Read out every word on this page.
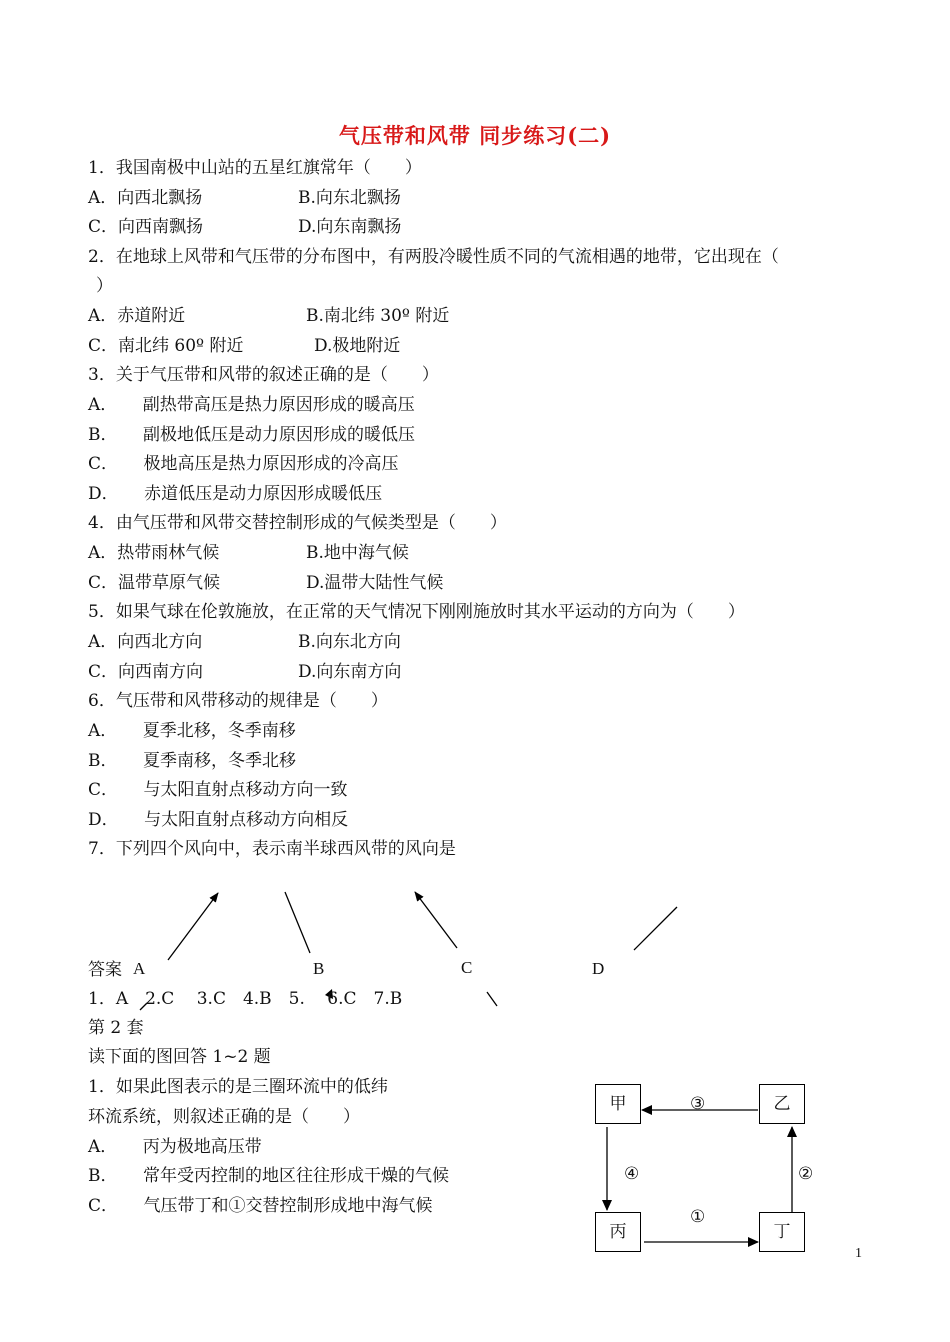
气压带和风带 同步练习(二)
1．我国南极中山站的五星红旗常年（　　）
A．向西北飘扬	B.向东北飘扬
C．向西南飘扬	D.向东南飘扬
2．在地球上风带和气压带的分布图中，有两股冷暖性质不同的气流相遇的地带，它出现在（
）
A．赤道附近	B.南北纬 30º 附近
C．南北纬 60º 附近	D.极地附近
3．关于气压带和风带的叙述正确的是（　　）
A．　　副热带高压是热力原因形成的暖高压
B．　　副极地低压是动力原因形成的暖低压
C．　　极地高压是热力原因形成的冷高压
D．　　赤道低压是动力原因形成暖低压
4．由气压带和风带交替控制形成的气候类型是（　　）
A．热带雨林气候	B.地中海气候
C．温带草原气候	D.温带大陆性气候
5．如果气球在伦敦施放，在正常的天气情况下刚刚施放时其水平运动的方向为（　　）
A．向西北方向	B.向东北方向
C．向西南方向	D.向东南方向
6．气压带和风带移动的规律是（　　）
A．　　夏季北移，冬季南移
B．　　夏季南移，冬季北移
C．　　与太阳直射点移动方向一致
D．　　与太阳直射点移动方向相反
7．下列四个风向中，表示南半球西风带的风向是
A	B	C	D
答案
1．A　2.C　 3.C　4.B　5.　 6.C　7.B
第 2 套
读下面的图回答 1~2 题
1．如果此图表示的是三圈环流中的低纬
环流系统，则叙述正确的是（　　）
A．　　丙为极地高压带
B．　　常年受丙控制的地区往往形成干燥的气候
C．　　气压带丁和①交替控制形成地中海气候
甲	乙
丙	丁
③
④	②
①
1
